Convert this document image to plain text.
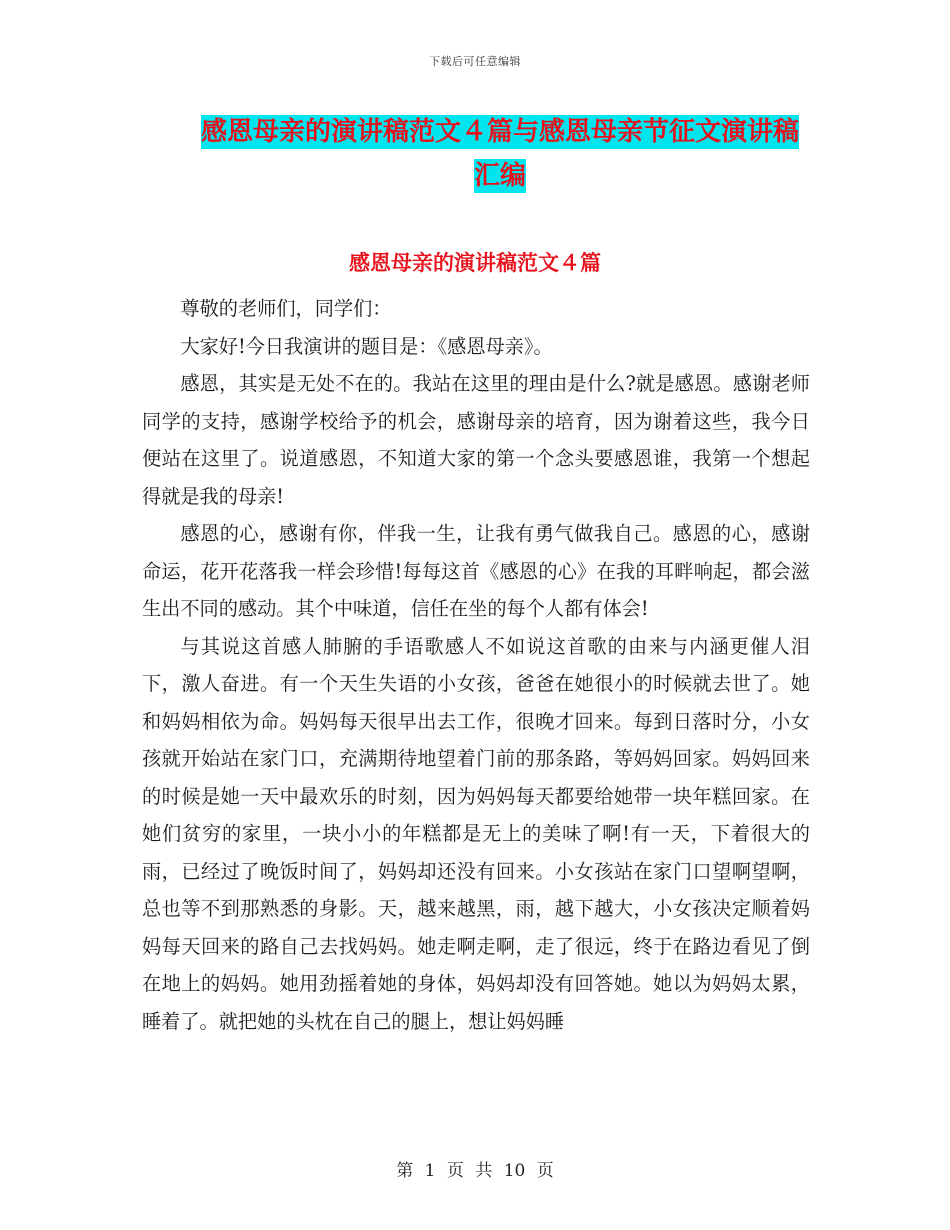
下载后可任意编辑
感恩母亲的演讲稿范文４篇与感恩母亲节征文演讲稿
汇编
感恩母亲的演讲稿范文４篇

尊敬的老师们，同学们：

大家好!今日我演讲的题目是：《感恩母亲》。

感恩，其实是无处不在的。我站在这里的理由是什么?就是感恩。感谢老师同学的支持，感谢学校给予的机会，感谢母亲的培育，因为谢着这些，我今日便站在这里了。说道感恩，不知道大家的第一个念头要感恩谁，我第一个想起得就是我的母亲!

感恩的心，感谢有你，伴我一生，让我有勇气做我自己。感恩的心，感谢命运，花开花落我一样会珍惜!每每这首《感恩的心》在我的耳畔响起，都会滋生出不同的感动。其个中味道，信任在坐的每个人都有体会!

与其说这首感人肺腑的手语歌感人不如说这首歌的由来与内涵更催人泪下，激人奋进。有一个天生失语的小女孩，爸爸在她很小的时候就去世了。她和妈妈相依为命。妈妈每天很早出去工作，很晚才回来。每到日落时分，小女孩就开始站在家门口，充满期待地望着门前的那条路，等妈妈回家。妈妈回来的时候是她一天中最欢乐的时刻，因为妈妈每天都要给她带一块年糕回家。在她们贫穷的家里，一块小小的年糕都是无上的美味了啊!有一天，下着很大的雨，已经过了晚饭时间了，妈妈却还没有回来。小女孩站在家门口望啊望啊，总也等不到那熟悉的身影。天，越来越黑，雨，越下越大，小女孩决定顺着妈妈每天回来的路自己去找妈妈。她走啊走啊，走了很远，终于在路边看见了倒在地上的妈妈。她用劲摇着她的身体，妈妈却没有回答她。她以为妈妈太累，睡着了。就把她的头枕在自己的腿上，想让妈妈睡

第 1 页 共 10 页
